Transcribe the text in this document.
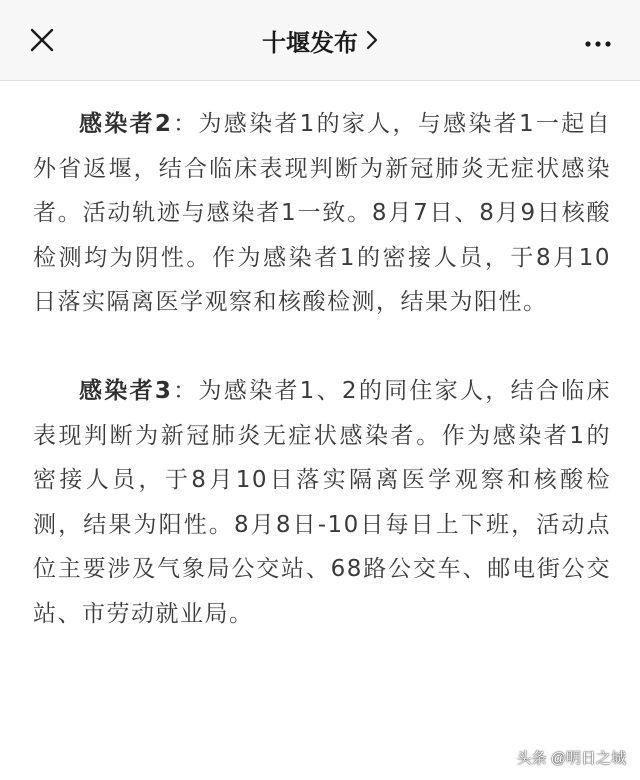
十堰发布

感染者2：为感染者1的家人，与感染者1一起自外省返堰，结合临床表现判断为新冠肺炎无症状感染者。活动轨迹与感染者1一致。8月7日、8月9日核酸检测均为阴性。作为感染者1的密接人员，于8月10日落实隔离医学观察和核酸检测，结果为阳性。

感染者3：为感染者1、2的同住家人，结合临床表现判断为新冠肺炎无症状感染者。作为感染者1的密接人员，于8月10日落实隔离医学观察和核酸检测，结果为阳性。8月8日-10日每日上下班，活动点位主要涉及气象局公交站、68路公交车、邮电街公交站、市劳动就业局。

头条 @明日之城
